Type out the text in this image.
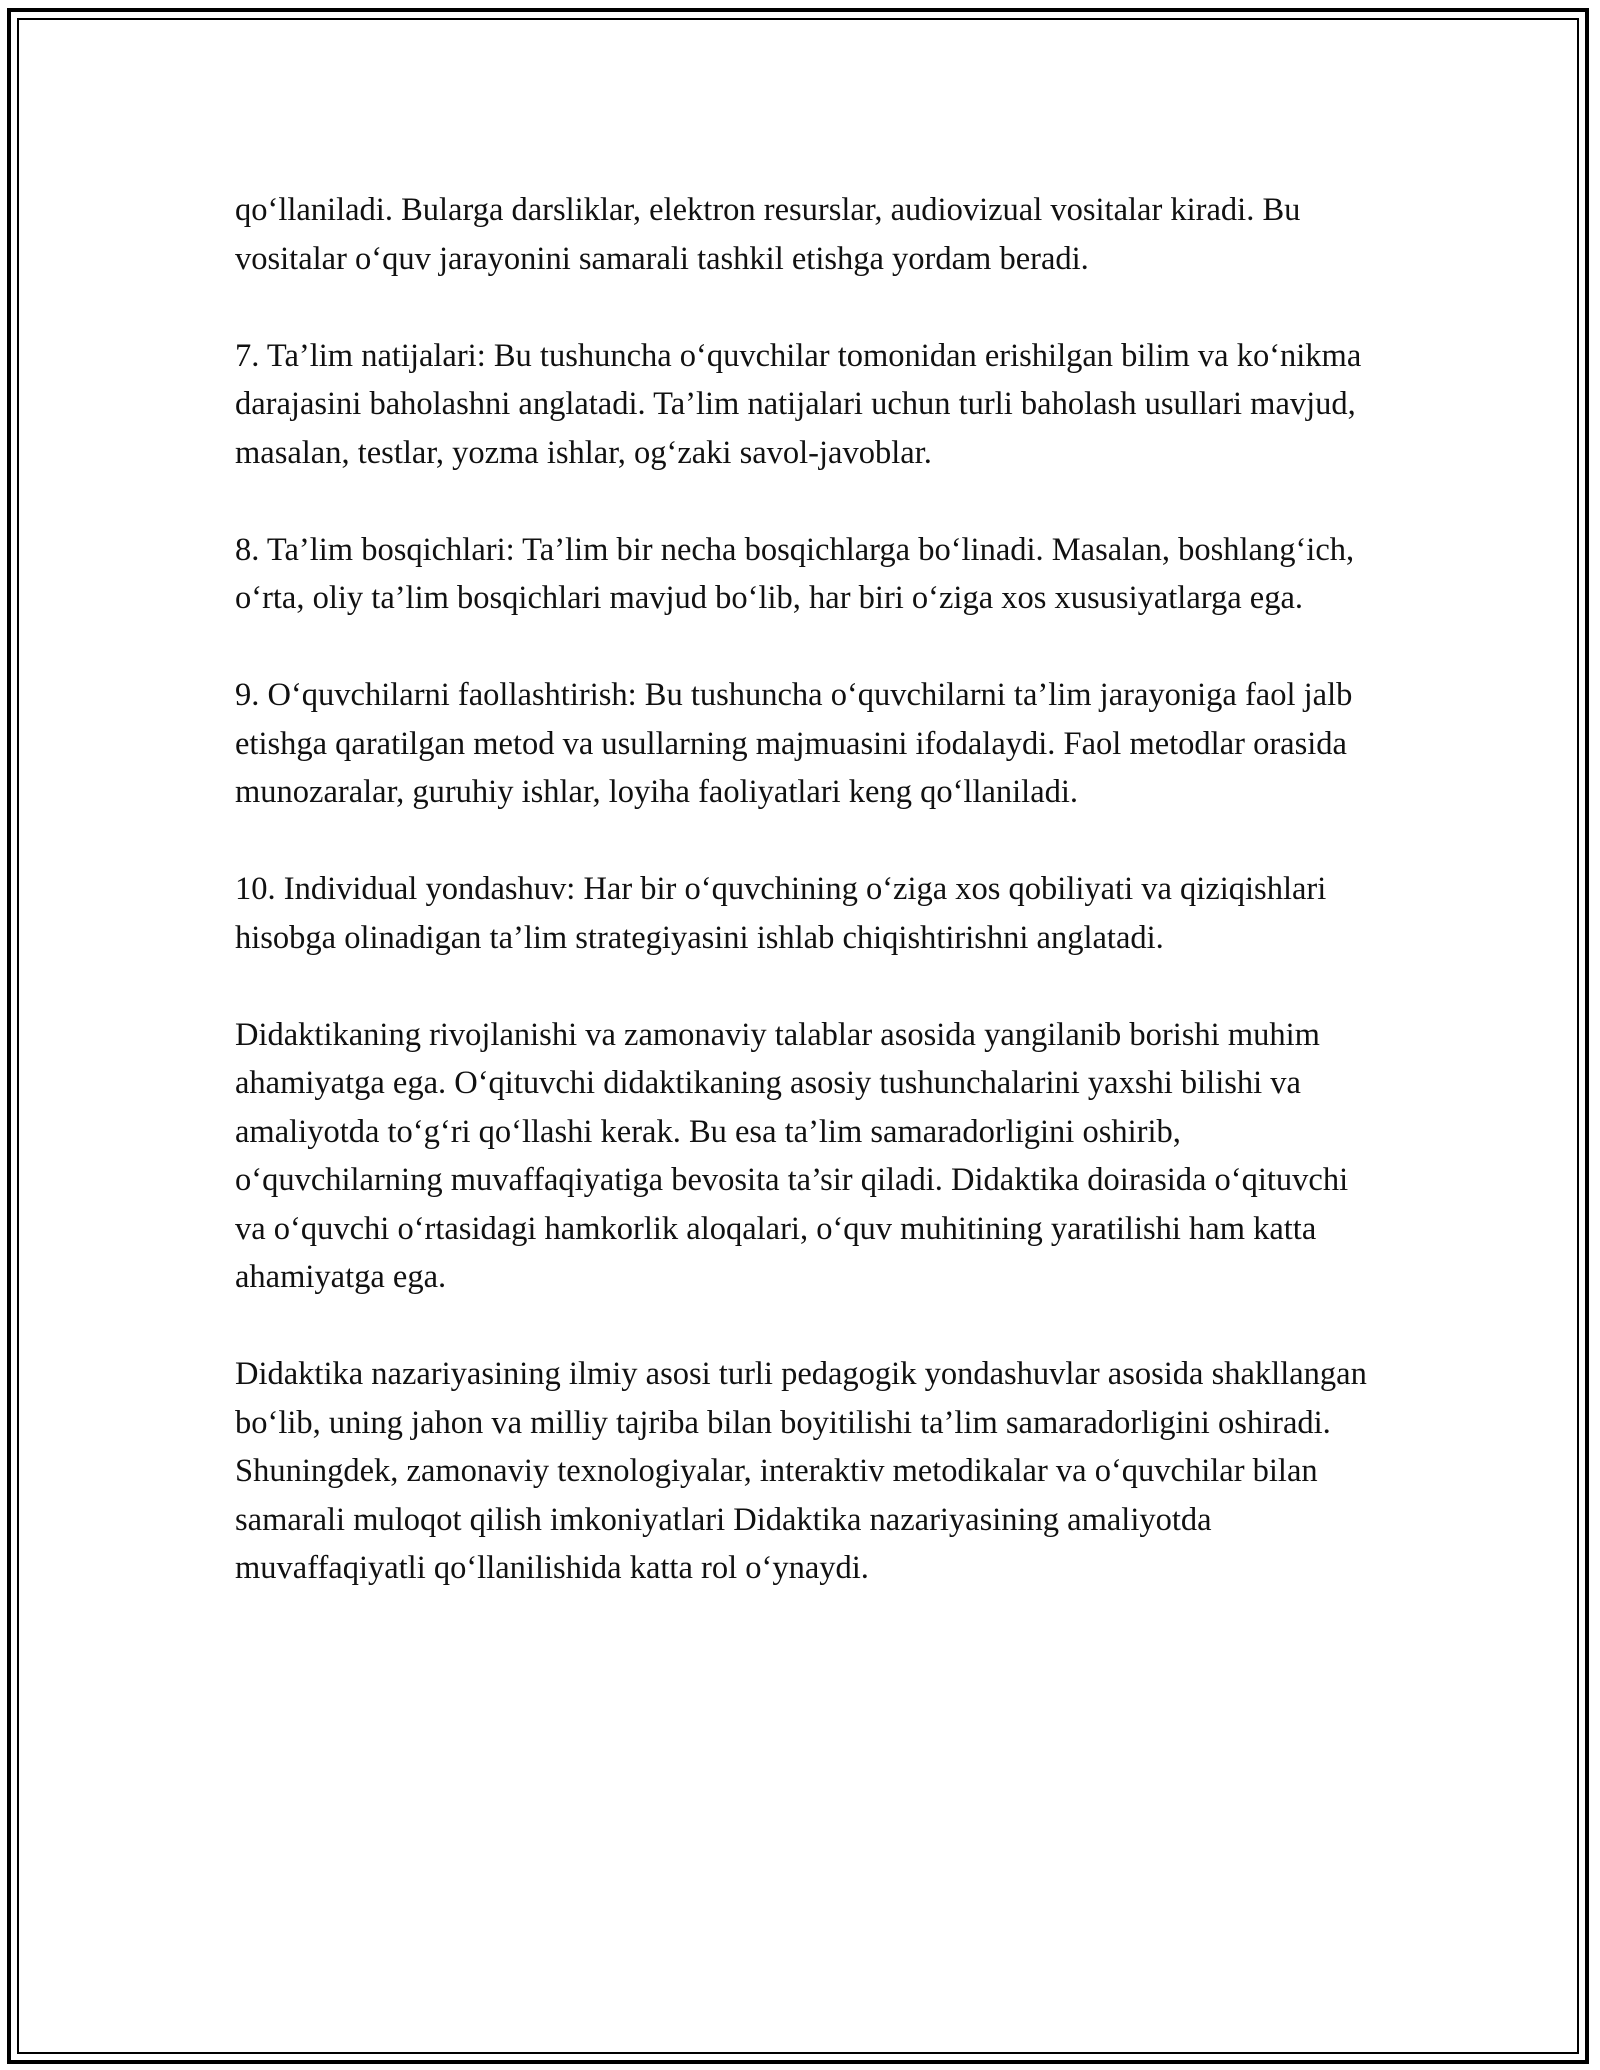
qo‘llaniladi. Bularga darsliklar, elektron resurslar, audiovizual vositalar kiradi. Bu vositalar o‘quv jarayonini samarali tashkil etishga yordam beradi.

7. Ta’lim natijalari: Bu tushuncha o‘quvchilar tomonidan erishilgan bilim va ko‘nikma darajasini baholashni anglatadi. Ta’lim natijalari uchun turli baholash usullari mavjud, masalan, testlar, yozma ishlar, og‘zaki savol-javoblar.

8. Ta’lim bosqichlari: Ta’lim bir necha bosqichlarga bo‘linadi. Masalan, boshlang‘ich, o‘rta, oliy ta’lim bosqichlari mavjud bo‘lib, har biri o‘ziga xos xususiyatlarga ega.

9. O‘quvchilarni faollashtirish: Bu tushuncha o‘quvchilarni ta’lim jarayoniga faol jalb etishga qaratilgan metod va usullarning majmuasini ifodalaydi. Faol metodlar orasida munozaralar, guruhiy ishlar, loyiha faoliyatlari keng qo‘llaniladi.

10. Individual yondashuv: Har bir o‘quvchining o‘ziga xos qobiliyati va qiziqishlari hisobga olinadigan ta’lim strategiyasini ishlab chiqishtirishni anglatadi.

Didaktikaning rivojlanishi va zamonaviy talablar asosida yangilanib borishi muhim ahamiyatga ega. O‘qituvchi didaktikaning asosiy tushunchalarini yaxshi bilishi va amaliyotda to‘g‘ri qo‘llashi kerak. Bu esa ta’lim samaradorligini oshirib, o‘quvchilarning muvaffaqiyatiga bevosita ta’sir qiladi. Didaktika doirasida o‘qituvchi va o‘quvchi o‘rtasidagi hamkorlik aloqalari, o‘quv muhitining yaratilishi ham katta ahamiyatga ega.

Didaktika nazariyasining ilmiy asosi turli pedagogik yondashuvlar asosida shakllangan bo‘lib, uning jahon va milliy tajriba bilan boyitilishi ta’lim samaradorligini oshiradi. Shuningdek, zamonaviy texnologiyalar, interaktiv metodikalar va o‘quvchilar bilan samarali muloqot qilish imkoniyatlari Didaktika nazariyasining amaliyotda muvaffaqiyatli qo‘llanilishida katta rol o‘ynaydi.
